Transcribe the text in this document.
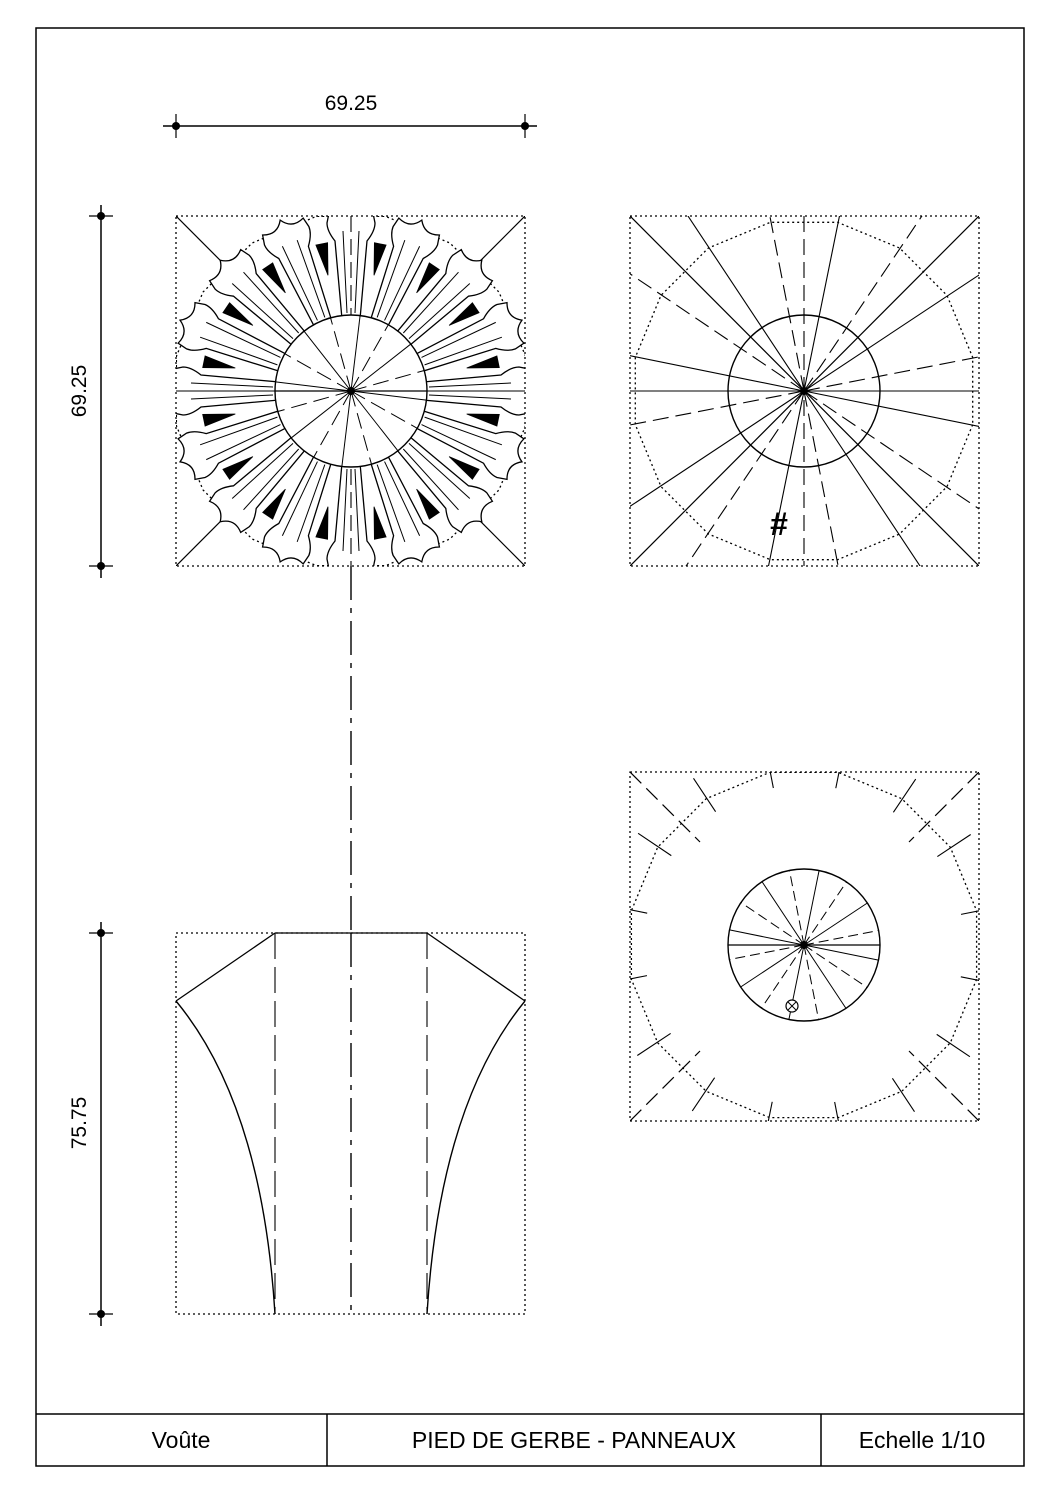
Voûte	PIED DE GERBE - PANNEAUX	Echelle 1/10
69.25
69.25
75.75
#
